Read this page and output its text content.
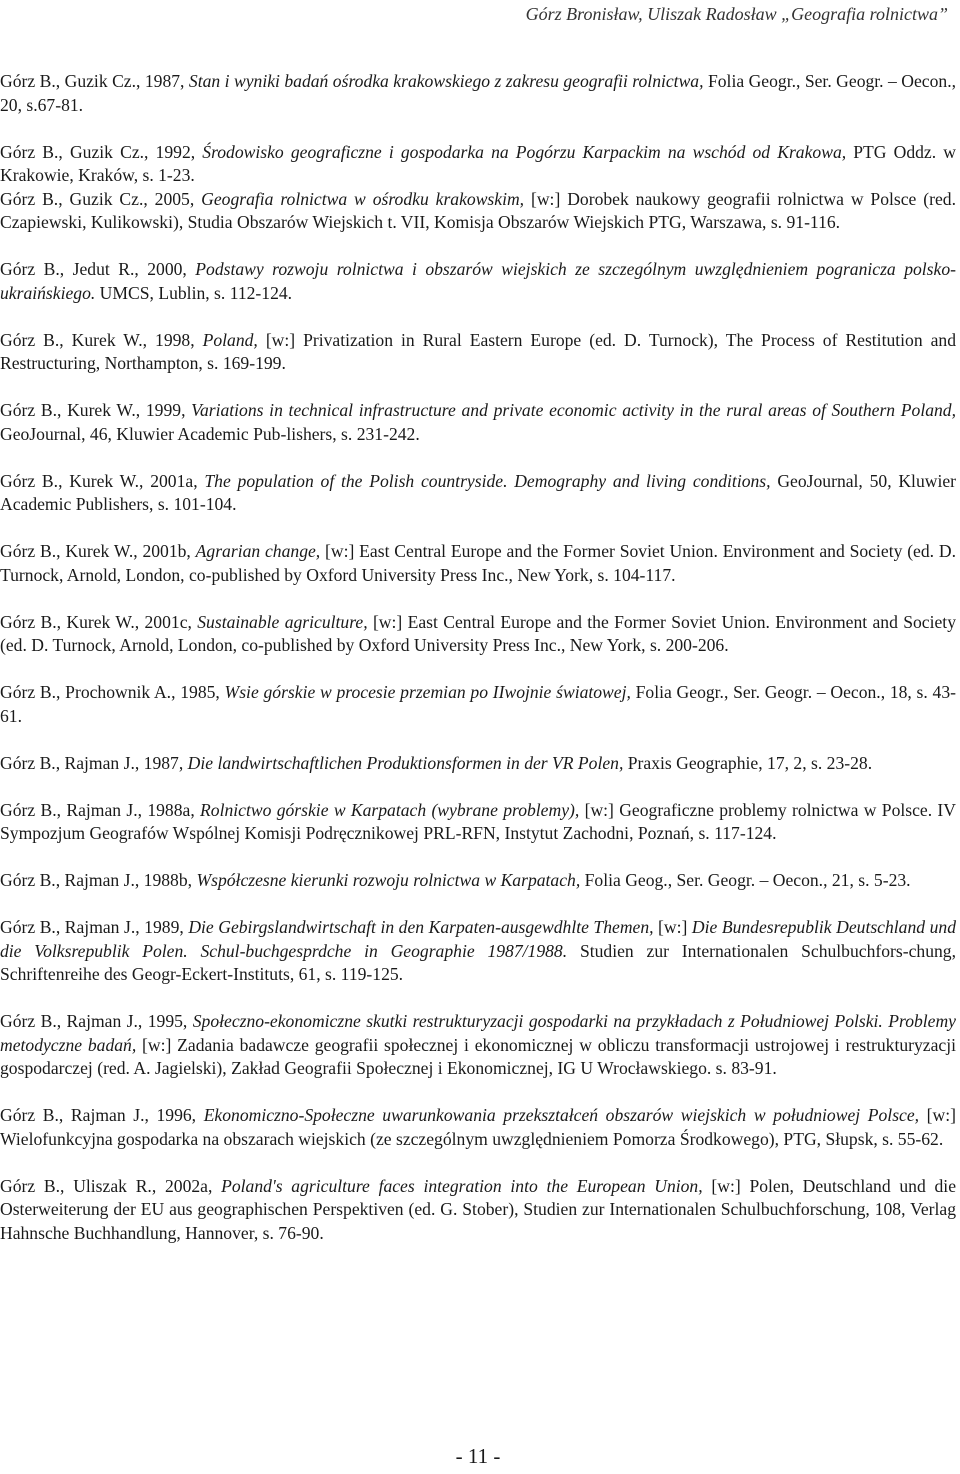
Górz Bronisław, Uliszak Radosław „Geografia rolnictwa”

Górz B., Guzik Cz., 1987, Stan i wyniki badań ośrodka krakowskiego z zakresu geografii rolnictwa, Folia Geogr., Ser. Geogr. – Oecon., 20, s.67-81.

Górz B., Guzik Cz., 1992, Środowisko geograficzne i gospodarka na Pogórzu Karpackim na wschód od Krakowa, PTG Oddz. w Krakowie, Kraków, s. 1-23.

Górz B., Guzik Cz., 2005, Geografia rolnictwa w ośrodku krakowskim, [w:] Dorobek naukowy geografii rolnictwa w Polsce (red. Czapiewski, Kulikowski), Studia Obszarów Wiejskich t. VII, Komisja Obszarów Wiejskich PTG, Warszawa, s. 91-116.

Górz B., Jedut R., 2000, Podstawy rozwoju rolnictwa i obszarów wiejskich ze szczególnym uwzględnieniem pogranicza polsko-ukraińskiego. UMCS, Lublin, s. 112-124.

Górz B., Kurek W., 1998, Poland, [w:] Privatization in Rural Eastern Europe (ed. D. Turnock), The Process of Restitution and Restructuring, Northampton, s. 169-199.

Górz B., Kurek W., 1999, Variations in technical infrastructure and private economic activity in the rural areas of Southern Poland, GeoJournal, 46, Kluwier Academic Pub-lishers, s. 231-242.

Górz B., Kurek W., 2001a, The population of the Polish countryside. Demography and living conditions, GeoJournal, 50, Kluwier Academic Publishers, s. 101-104.

Górz B., Kurek W., 2001b, Agrarian change, [w:] East Central Europe and the Former Soviet Union. Environment and Society (ed. D. Turnock, Arnold, London, co-published by Oxford University Press Inc., New York, s. 104-117.

Górz B., Kurek W., 2001c, Sustainable agriculture, [w:] East Central Europe and the Former Soviet Union. Environment and Society (ed. D. Turnock, Arnold, London, co-published by Oxford University Press Inc., New York, s. 200-206.

Górz B., Prochownik A., 1985, Wsie górskie w procesie przemian po IIwojnie światowej, Folia Geogr., Ser. Geogr. – Oecon., 18, s. 43-61.

Górz B., Rajman J., 1987, Die landwirtschaftlichen Produktionsformen in der VR Polen, Praxis Geographie, 17, 2, s. 23-28.

Górz B., Rajman J., 1988a, Rolnictwo górskie w Karpatach (wybrane problemy), [w:] Geograficzne problemy rolnictwa w Polsce. IV Sympozjum Geografów Wspólnej Komisji Podręcznikowej PRL-RFN, Instytut Zachodni, Poznań, s. 117-124.

Górz B., Rajman J., 1988b, Współczesne kierunki rozwoju rolnictwa w Karpatach, Folia Geog., Ser. Geogr. – Oecon., 21, s. 5-23.

Górz B., Rajman J., 1989, Die Gebirgslandwirtschaft in den Karpaten-ausgewdhlte Themen, [w:] Die Bundesrepublik Deutschland und die Volksrepublik Polen. Schul-buchgesprdche in Geographie 1987/1988. Studien zur Internationalen Schulbuchfors-chung, Schriftenreihe des Geogr-Eckert-Instituts, 61, s. 119-125.

Górz B., Rajman J., 1995, Społeczno-ekonomiczne skutki restrukturyzacji gospodarki na przykładach z Południowej Polski. Problemy metodyczne badań, [w:] Zadania badawcze geografii społecznej i ekonomicznej w obliczu transformacji ustrojowej i restrukturyzacji gospodarczej (red. A. Jagielski), Zakład Geografii Społecznej i Ekonomicznej, IG U Wrocławskiego. s. 83-91.

Górz B., Rajman J., 1996, Ekonomiczno-Społeczne uwarunkowania przekształceń obszarów wiejskich w południowej Polsce, [w:] Wielofunkcyjna gospodarka na obszarach wiejskich (ze szczególnym uwzględnieniem Pomorza Środkowego), PTG, Słupsk, s. 55-62.

Górz B., Uliszak R., 2002a, Poland's agriculture faces integration into the European Union, [w:] Polen, Deutschland und die Osterweiterung der EU aus geographischen Perspektiven (ed. G. Stober), Studien zur Internationalen Schulbuchforschung, 108, Verlag Hahnsche Buchhandlung, Hannover, s. 76-90.

- 11 -
